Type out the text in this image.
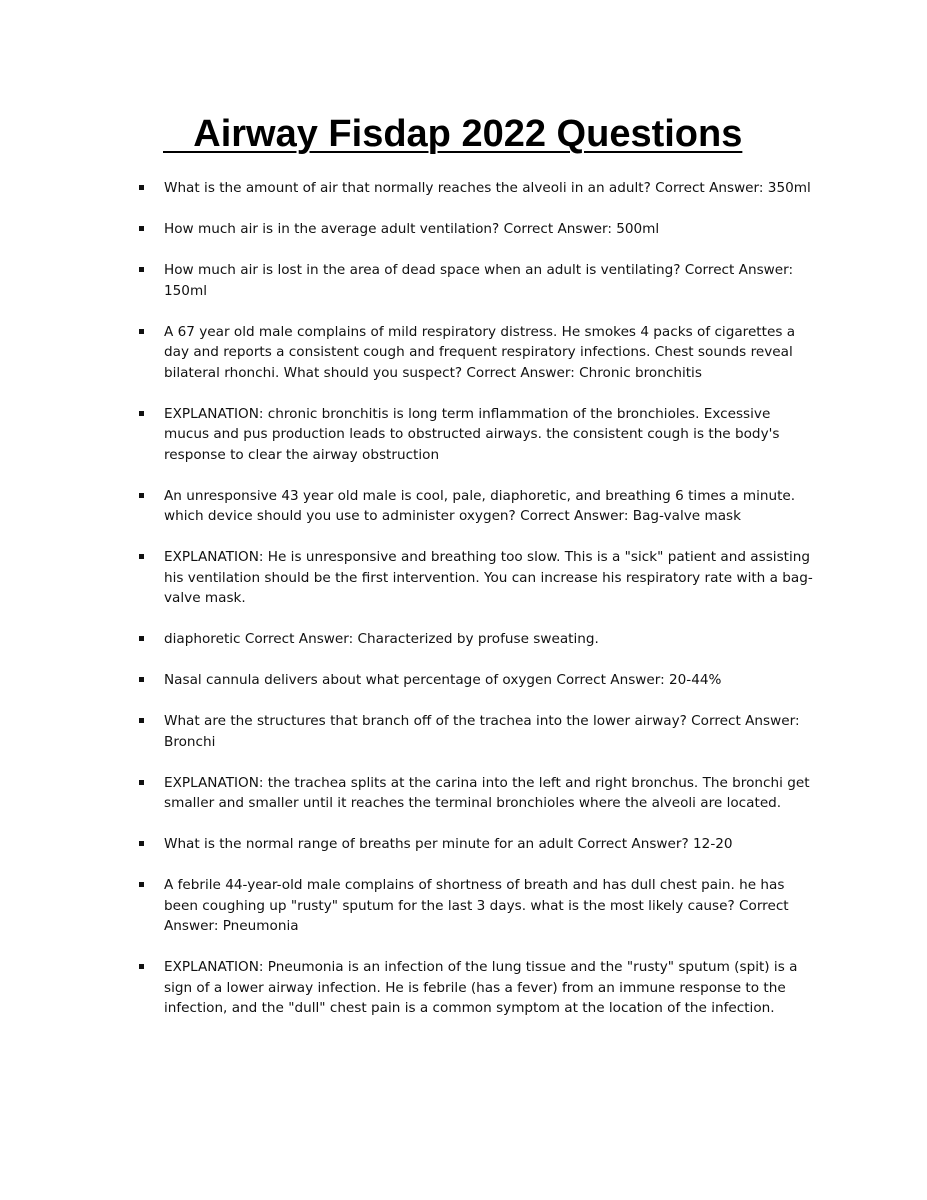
Airway Fisdap 2022 Questions
What is the amount of air that normally reaches the alveoli in an adult? Correct Answer: 350ml
How much air is in the average adult ventilation? Correct Answer: 500ml
How much air is lost in the area of dead space when an adult is ventilating? Correct Answer: 150ml
A 67 year old male complains of mild respiratory distress. He smokes 4 packs of cigarettes a day and reports a consistent cough and frequent respiratory infections. Chest sounds reveal bilateral rhonchi. What should you suspect? Correct Answer: Chronic bronchitis
EXPLANATION: chronic bronchitis is long term inflammation of the bronchioles. Excessive mucus and pus production leads to obstructed airways. the consistent cough is the body's response to clear the airway obstruction
An unresponsive 43 year old male is cool, pale, diaphoretic, and breathing 6 times a minute. which device should you use to administer oxygen? Correct Answer: Bag-valve mask
EXPLANATION: He is unresponsive and breathing too slow. This is a "sick" patient and assisting his ventilation should be the first intervention. You can increase his respiratory rate with a bag-valve mask.
diaphoretic Correct Answer: Characterized by profuse sweating.
Nasal cannula delivers about what percentage of oxygen Correct Answer: 20-44%
What are the structures that branch off of the trachea into the lower airway? Correct Answer: Bronchi
EXPLANATION: the trachea splits at the carina into the left and right bronchus. The bronchi get smaller and smaller until it reaches the terminal bronchioles where the alveoli are located.
What is the normal range of breaths per minute for an adult Correct Answer? 12-20
A febrile 44-year-old male complains of shortness of breath and has dull chest pain. he has been coughing up "rusty" sputum for the last 3 days. what is the most likely cause? Correct Answer: Pneumonia
EXPLANATION: Pneumonia is an infection of the lung tissue and the "rusty" sputum (spit) is a sign of a lower airway infection. He is febrile (has a fever) from an immune response to the infection, and the "dull" chest pain is a common symptom at the location of the infection.
